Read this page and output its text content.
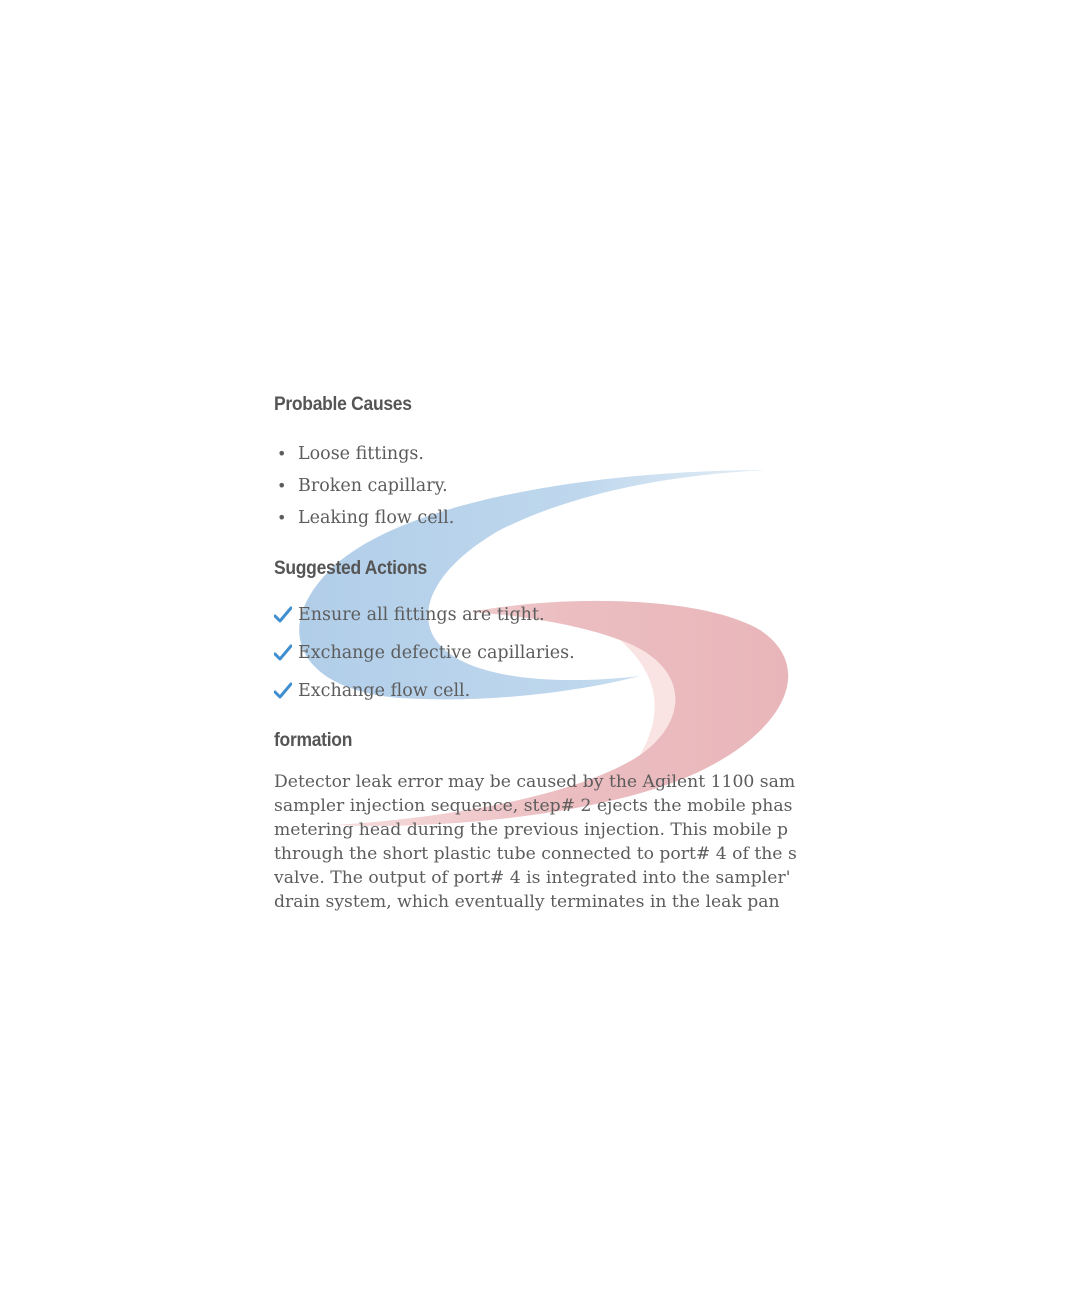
Probable Causes
• Loose fittings.
• Broken capillary.
• Leaking flow cell.
Suggested Actions
Ensure all fittings are tight.
Exchange defective capillaries.
Exchange flow cell.
formation

Detector leak error may be caused by the Agilent 1100 sam
sampler injection sequence, step# 2 ejects the mobile phas
metering head during the previous injection. This mobile p
through the short plastic tube connected to port# 4 of the s
valve. The output of port# 4 is integrated into the sampler'
drain system, which eventually terminates in the leak pan
